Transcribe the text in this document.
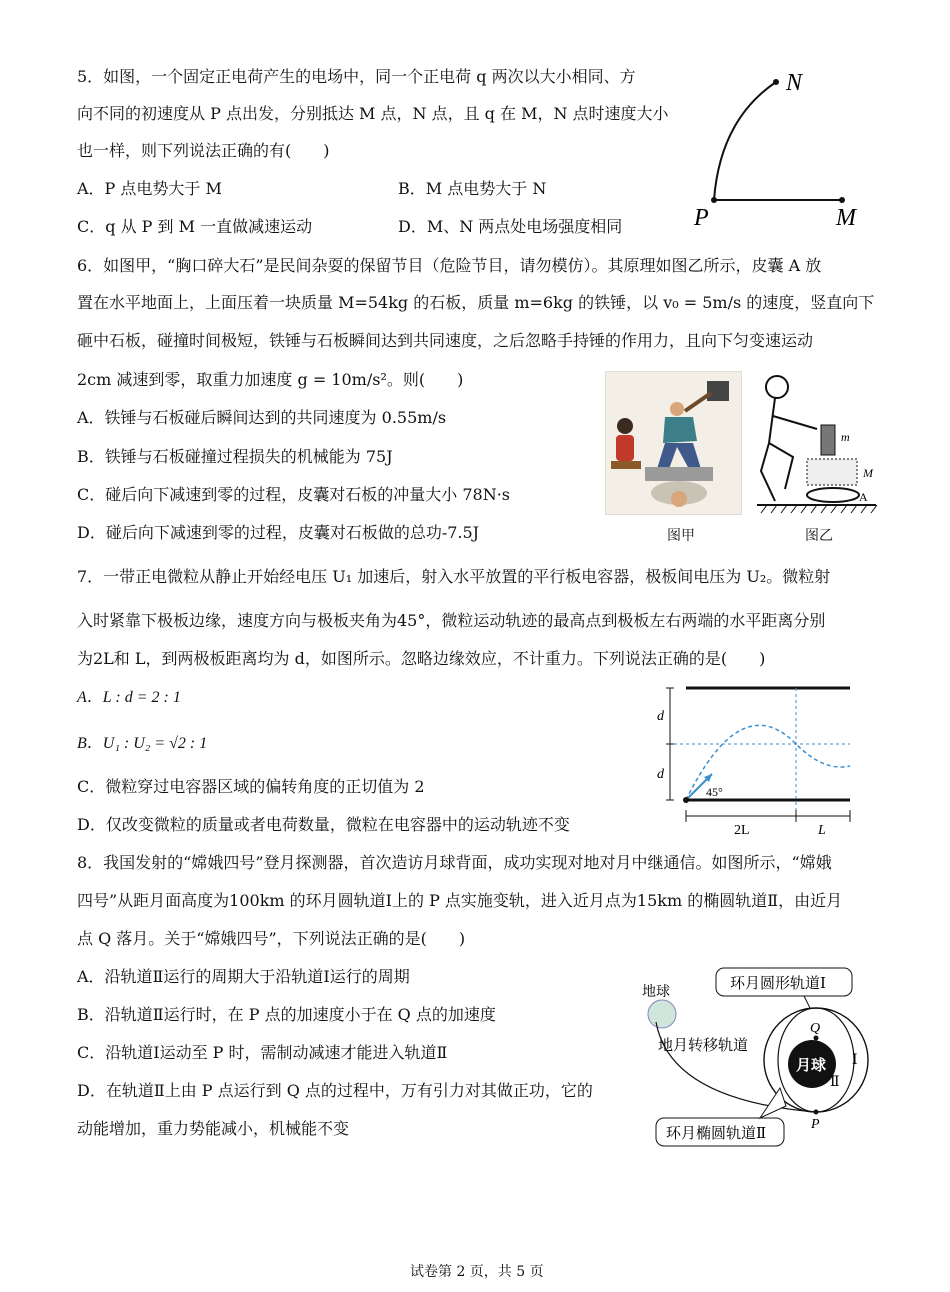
5．如图，一个固定正电荷产生的电场中，同一个正电荷 q 两次以大小相同、方
向不同的初速度从 P 点出发，分别抵达 M 点，N 点，且 q 在 M，N 点时速度大小
也一样，则下列说法正确的有(　　)
A．P 点电势大于 M	B．M 点电势大于 N
C．q 从 P 到 M 一直做减速运动	D．M、N 两点处电场强度相同
N
P	M
6．如图甲，“胸口碎大石”是民间杂耍的保留节目（危险节目，请勿模仿）。其原理如图乙所示，皮囊 A 放
置在水平地面上，上面压着一块质量 M=54kg 的石板，质量 m=6kg 的铁锤，以 v₀ = 5m/s 的速度，竖直向下
砸中石板，碰撞时间极短，铁锤与石板瞬间达到共同速度，之后忽略手持锤的作用力，且向下匀变速运动
2cm 减速到零，取重力加速度 g = 10m/s²。则(　　)
A．铁锤与石板碰后瞬间达到的共同速度为 0.55m/s
B．铁锤与石板碰撞过程损失的机械能为 75J
C．碰后向下减速到零的过程，皮囊对石板的冲量大小 78N·s
D．碰后向下减速到零的过程，皮囊对石板做的总功-7.5J	图甲
m
M
A
图乙
7．一带正电微粒从静止开始经电压 U₁ 加速后，射入水平放置的平行板电容器，极板间电压为 U₂。微粒射
入时紧靠下极板边缘，速度方向与极板夹角为45°，微粒运动轨迹的最高点到极板左右两端的水平距离分别
为2L和 L，到两极板距离均为 d，如图所示。忽略边缘效应，不计重力。下列说法正确的是(　　)
A．L : d = 2 : 1
B．U₁ : U₂ = √2 : 1
C．微粒穿过电容器区域的偏转角度的正切值为 2
D．仅改变微粒的质量或者电荷数量，微粒在电容器中的运动轨迹不变
d
d
45°
2L	L
8．我国发射的“嫦娥四号”登月探测器，首次造访月球背面，成功实现对地对月中继通信。如图所示，“嫦娥
四号”从距月面高度为100km 的环月圆轨道Ⅰ上的 P 点实施变轨，进入近月点为15km 的椭圆轨道Ⅱ，由近月
点 Q 落月。关于“嫦娥四号”，下列说法正确的是(　　)
A．沿轨道Ⅱ运行的周期大于沿轨道Ⅰ运行的周期
B．沿轨道Ⅱ运行时，在 P 点的加速度小于在 Q 点的加速度
C．沿轨道Ⅰ运动至 P 时，需制动减速才能进入轨道Ⅱ
D．在轨道Ⅱ上由 P 点运行到 Q 点的过程中，万有引力对其做正功，它的
动能增加，重力势能减小，机械能不变
地球
地月转移轨道
月球 Ⅰ
Ⅱ
Q
P
环月圆形轨道Ⅰ
环月椭圆轨道Ⅱ
试卷第 2 页，共 5 页
